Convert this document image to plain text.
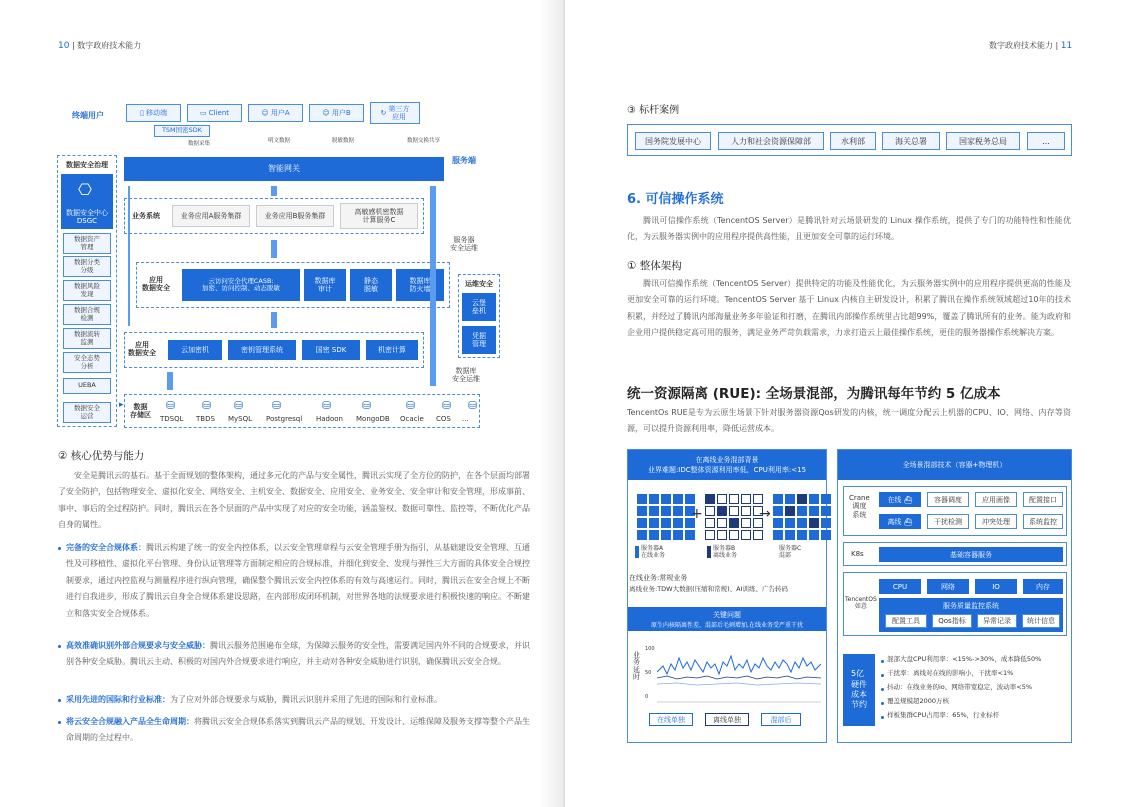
10 | 数字政府技术能力
终端用户	▯ 移动端	▭ Client	☺ 用户A	☺ 用户B	↻
第三方
应用
TSM国密SDK
数据采集	明文数据	脱敏数据	数据交换共享
服务端
智能网关
数据安全治理
数据安全中心
DSGC
⎔
数据资产
管理
数据分类
分级
数据风险
发现
数据合规
检测
数据流转
监测
安全态势
分析
UEBA
数据安全
运营
业务系统	业务应用A服务集群	业务应用B服务集群
高敏感机密数据
计算服务C
应用
数据安全
云访问安全代理CASB:
加密、访问控制、动态脱敏
数据库
审计
静态
脱敏
数据库
防火墙
应用
数据安全	云加密机	密钥管理系统	国密 SDK	机密计算
数据
存储区
⛁
TDSQL
⛁
TBDS
⛁
MySQL
⛁
Postgresql
⛁
Hadoon
⛁
MongoDB
⛁
Ocacle
⛁
COS
⛁
...
运维安全
云堡
垒机
凭据
管理
服务器
安全运维
数据库
安全运维
▸
② 核心优势与能力
安全是腾讯云的基石。基于全面规划的整体架构，通过多元化的产品与安全属性，腾讯云实现了全方位的防护，在各个层面均部署了安全防护，包括物理安全、虚拟化安全、网络安全、主机安全、数据安全、应用安全、业务安全、安全审计和安全管理，形成事前、事中、事后的全过程防护。同时，腾讯云在各个层面的产品中实现了对应的安全功能，涵盖鉴权、数据可靠性、监控等，不断优化产品自身的属性。
完备的安全合规体系：腾讯云构建了统一的安全内控体系，以云安全管理章程与云安全管理手册为指引，从基础建设安全管理、互通性及可移植性、虚拟化平台管理、身份认证管理等方面制定相应的合规标准，并细化到安全、发现与弹性三大方面的具体安全合规控制要求，通过内控监视与测量程序进行纵向管理，确保整个腾讯云安全内控体系的有效与高速运行。同时，腾讯云在安全合规上不断进行自我进步，形成了腾讯云自身全合规体系建设思路，在内部形成闭环机制，对世界各地的法规要求进行积极快速的响应。不断建立和落实安全合规体系。
高效准确识别外部合规要求与安全威胁：腾讯云服务范围遍布全球，为保障云服务的安全性，需要满足国内外不同的合规要求，并识别各种安全威胁。腾讯云主动、积极的对国内外合规要求进行响应，并主动对各种安全威胁进行识别，确保腾讯云安全合规。
采用先进的国际和行业标准：为了应对外部合规要求与威胁，腾讯云识别并采用了先进的国际和行业标准。
将云安全合规融入产品全生命周期：将腾讯云安全合规体系落实到腾讯云产品的规划、开发设计、运维保障及服务支撑等整个产品生命周期的全过程中。
数字政府技术能力 | 11
③ 标杆案例
国务院发展中心	人力和社会资源保障部	水利部	海关总署	国家税务总局	...
6. 可信操作系统
腾讯可信操作系统（TencentOS Server）是腾讯针对云场景研发的 Linux 操作系统，提供了专门的功能特性和性能优化，为云服务器实例中的应用程序提供高性能，且更加安全可靠的运行环境。
① 整体架构
腾讯可信操作系统（TencentOS Server）提供特定的功能及性能优化，为云服务器实例中的应用程序提供更高的性能及更加安全可靠的运行环境。TencentOS Server 基于 Linux 内核自主研发设计，积累了腾讯在操作系统领域超过10年的技术积累，并经过了腾讯内部海量业务多年验证和打磨，在腾讯内部操作系统里占比超99%，覆盖了腾讯所有的业务。能为政府和企业用户提供稳定高可用的服务，满足业务严苛负载需求，力求打造云上最佳操作系统，更佳的服务器操作系统解决方案。
统一资源隔离 (RUE): 全场景混部，为腾讯每年节约 5 亿成本
TencentOs RUE是专为云原生场景下针对服务器资源Qos研发的内核，统一调度分配云上机器的CPU、IO、网络、内存等资源，可以提升资源利用率，降低运营成本。
在离线业务混部背景
业界难题:IDC整体资源利用率低，CPU利用率:<15
+	→
服务器A
在线业务
服务器B
离线业务
服务器C
混部
在线业务:常规业务
离线业务:TDW大数据(压缩和常规)、AI训练、广告转码
关键问题
原生内核隔离性差，混部后毛刺增加,在线业务受严重干扰
业务延时
100
50
0
在线单独	离线单独	混部后
全场景混部技术（容器+物理机）
Crane
调度
系统
在线
⛴
离线
⛴
容器调度	应用画像	配置接口
干扰检测	冲突处理	系统监控
K8s	基础容器服务
TencentOS
如意
CPU	网络	IO	内存
服务质量监控系统
配置工具	Qos指标	异常记录	统计信息
5亿
硬件
成本
节约
混部大盘CPU利用率：<15%->30%，成本降低50%
干扰率：离线对在线的影响小，干扰率<1%
抖动：在线业务的io、网络带宽稳定，波动率<5%
覆盖规模超2000万核
样板集群CPU占用率：65%，行业标杆
